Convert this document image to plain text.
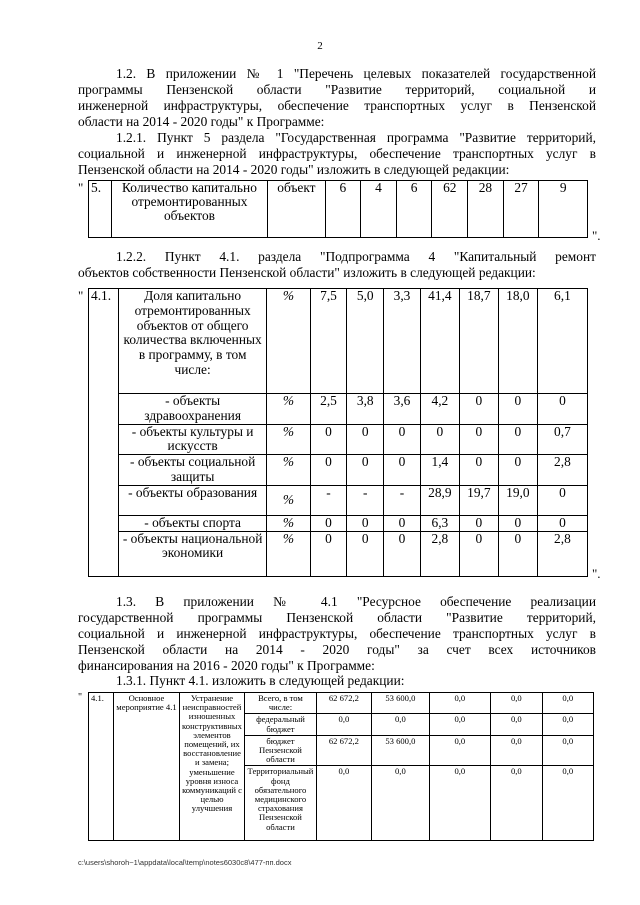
2
1.2. В приложении № 1 "Перечень целевых показателей государственной
программы Пензенской области "Развитие территорий, социальной и
инженерной инфраструктуры, обеспечение транспортных услуг в Пензенской
области на 2014 - 2020 годы" к Программе:
1.2.1. Пункт 5 раздела "Государственная программа "Развитие территорий,
социальной и инженерной инфраструктуры, обеспечение транспортных услуг в
Пензенской области на 2014 - 2020 годы" изложить в следующей редакции:
" 5.	Количество капитально отремонтированных объектов	объект	6	4	6	62	28	27	9
".
1.2.2. Пункт 4.1. раздела "Подпрограмма 4 "Капитальный ремонт
объектов собственности Пензенской области" изложить в следующей редакции:
" 4.1.	Доля капитально отремонтированных объектов от общего количества включенных в программу, в том числе:	%	7,5	5,0	3,3	41,4	18,7	18,0	6,1
	- объекты здравоохранения	%	2,5	3,8	3,6	4,2	0	0	0
	- объекты культуры и искусств	%	0	0	0	0	0	0	0,7
	- объекты социальной защиты	%	0	0	0	1,4	0	0	2,8
	- объекты образования	%	-	-	-	28,9	19,7	19,0	0
	- объекты спорта	%	0	0	0	6,3	0	0	0
	- объекты национальной экономики	%	0	0	0	2,8	0	0	2,8
".
1.3. В приложении № 4.1 "Ресурсное обеспечение реализации
государственной программы Пензенской области "Развитие территорий,
социальной и инженерной инфраструктуры, обеспечение транспортных услуг в
Пензенской области на 2014 - 2020 годы" за счет всех источников
финансирования на 2016 - 2020 годы" к Программе:
1.3.1. Пункт 4.1. изложить в следующей редакции:
" 4.1.	Основное мероприятие 4.1	Устранение неисправностей изношенных конструктивных элементов помещений, их восстановление и замена; уменьшение уровня износа коммуникаций с целью улучшения	Всего, в том числе:	62 672,2	53 600,0	0,0	0,0	0,0
			федеральный бюджет	0,0	0,0	0,0	0,0	0,0
			бюджет Пензенской области	62 672,2	53 600,0	0,0	0,0	0,0
			Территориальный фонд обязательного медицинского страхования Пензенской области	0,0	0,0	0,0	0,0	0,0
c:\users\shoroh~1\appdata\local\temp\notes6030c8\477-пп.docx
